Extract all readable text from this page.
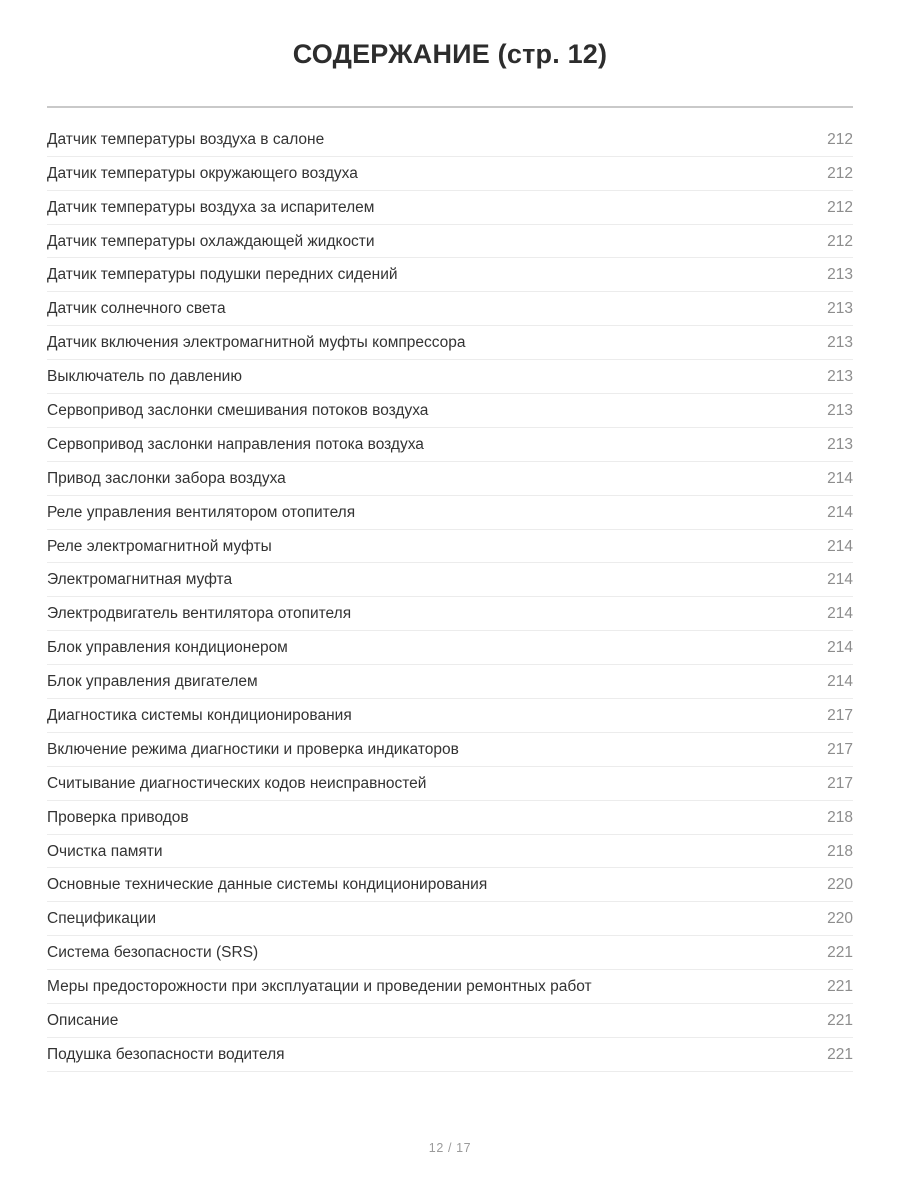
СОДЕРЖАНИЕ (стр. 12)
Датчик температуры воздуха в салоне	212
Датчик температуры окружающего воздуха	212
Датчик температуры воздуха за испарителем	212
Датчик температуры охлаждающей жидкости	212
Датчик температуры подушки передних сидений	213
Датчик солнечного света	213
Датчик включения электромагнитной муфты компрессора	213
Выключатель по давлению	213
Сервопривод заслонки смешивания потоков воздуха	213
Сервопривод заслонки направления потока воздуха	213
Привод заслонки забора воздуха	214
Реле управления вентилятором отопителя	214
Реле электромагнитной муфты	214
Электромагнитная муфта	214
Электродвигатель вентилятора отопителя	214
Блок управления кондиционером	214
Блок управления двигателем	214
Диагностика системы кондиционирования	217
Включение режима диагностики и проверка индикаторов	217
Считывание диагностических кодов неисправностей	217
Проверка приводов	218
Очистка памяти	218
Основные технические данные системы кондиционирования	220
Спецификации	220
Система безопасности (SRS)	221
Меры предосторожности при эксплуатации и проведении ремонтных работ	221
Описание	221
Подушка безопасности водителя	221
12 / 17
